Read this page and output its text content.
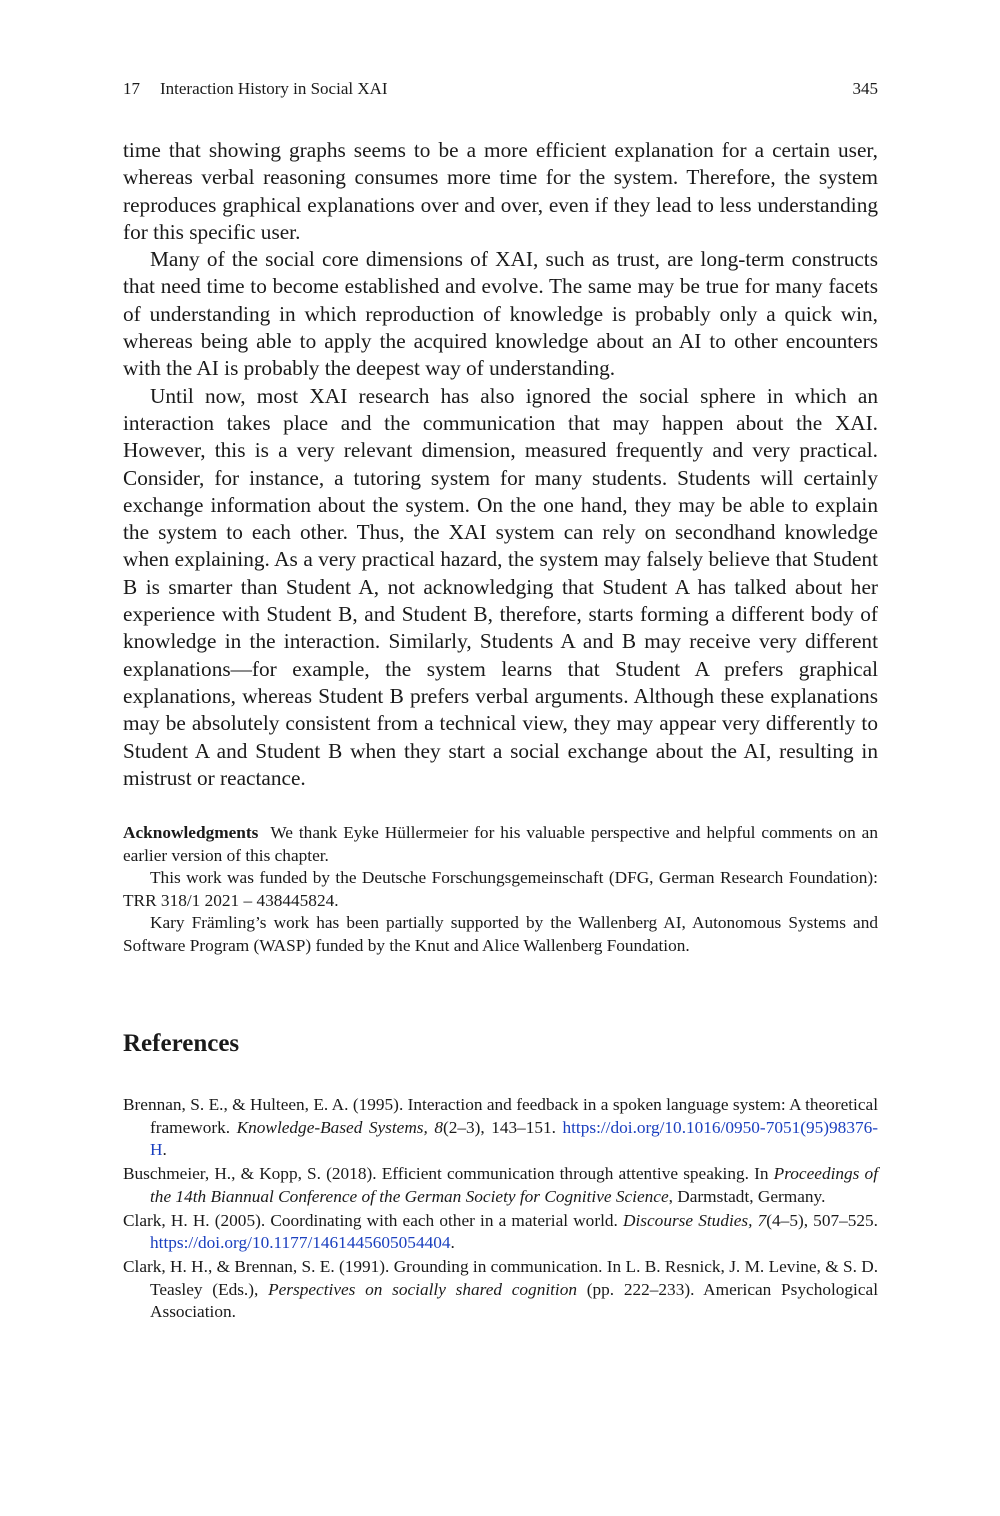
17 Interaction History in Social XAI	345

time that showing graphs seems to be a more efficient explanation for a certain user, whereas verbal reasoning consumes more time for the system. Therefore, the system reproduces graphical explanations over and over, even if they lead to less understanding for this specific user.

Many of the social core dimensions of XAI, such as trust, are long-term constructs that need time to become established and evolve. The same may be true for many facets of understanding in which reproduction of knowledge is probably only a quick win, whereas being able to apply the acquired knowledge about an AI to other encounters with the AI is probably the deepest way of understanding.

Until now, most XAI research has also ignored the social sphere in which an interaction takes place and the communication that may happen about the XAI. However, this is a very relevant dimension, measured frequently and very practical. Consider, for instance, a tutoring system for many students. Students will certainly exchange information about the system. On the one hand, they may be able to explain the system to each other. Thus, the XAI system can rely on secondhand knowledge when explaining. As a very practical hazard, the system may falsely believe that Student B is smarter than Student A, not acknowledging that Student A has talked about her experience with Student B, and Student B, therefore, starts forming a different body of knowledge in the interaction. Similarly, Students A and B may receive very different explanations—for example, the system learns that Student A prefers graphical explanations, whereas Student B prefers verbal arguments. Although these explanations may be absolutely consistent from a technical view, they may appear very differently to Student A and Student B when they start a social exchange about the AI, resulting in mistrust or reactance.

Acknowledgments We thank Eyke Hüllermeier for his valuable perspective and helpful comments on an earlier version of this chapter.

This work was funded by the Deutsche Forschungsgemeinschaft (DFG, German Research Foundation): TRR 318/1 2021 – 438445824.

Kary Främling’s work has been partially supported by the Wallenberg AI, Autonomous Systems and Software Program (WASP) funded by the Knut and Alice Wallenberg Foundation.

References
Brennan, S. E., & Hulteen, E. A. (1995). Interaction and feedback in a spoken language system: A theoretical framework. Knowledge-Based Systems, 8(2–3), 143–151. https://doi.org/10.1016/0950-7051(95)98376-H.
Buschmeier, H., & Kopp, S. (2018). Efficient communication through attentive speaking. In Proceedings of the 14th Biannual Conference of the German Society for Cognitive Science, Darmstadt, Germany.
Clark, H. H. (2005). Coordinating with each other in a material world. Discourse Studies, 7(4–5), 507–525. https://doi.org/10.1177/1461445605054404.
Clark, H. H., & Brennan, S. E. (1991). Grounding in communication. In L. B. Resnick, J. M. Levine, & S. D. Teasley (Eds.), Perspectives on socially shared cognition (pp. 222–233). American Psychological Association.
